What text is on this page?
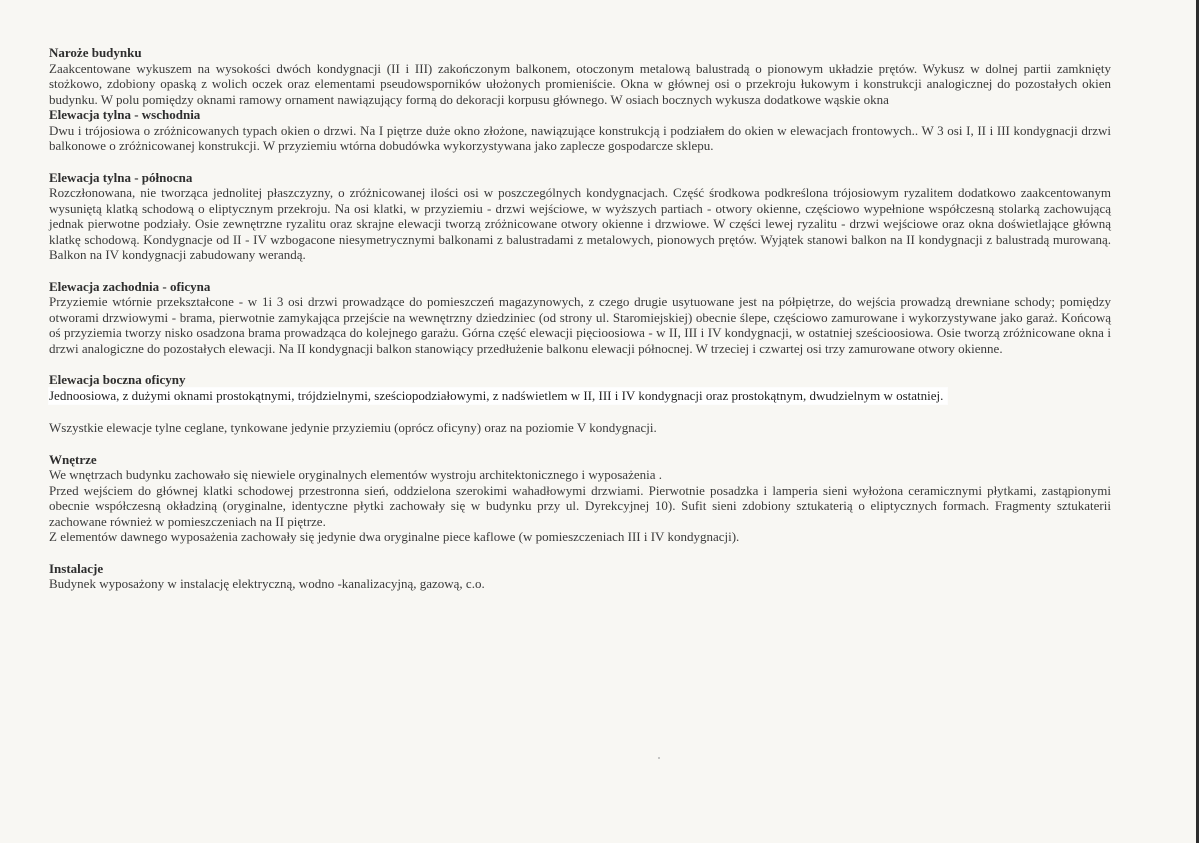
Naroże budynku

Zaakcentowane wykuszem na wysokości dwóch kondygnacji (II i III) zakończonym balkonem, otoczonym metalową balustradą o pionowym układzie prętów. Wykusz w dolnej partii zamknięty stożkowo, zdobiony opaską z wolich oczek oraz elementami pseudowsporników ułożonych promieniście. Okna w głównej osi o przekroju łukowym i konstrukcji analogicznej do pozostałych okien budynku. W polu pomiędzy oknami ramowy ornament nawiązujący formą do dekoracji korpusu głównego. W osiach bocznych wykusza dodatkowe wąskie okna

Elewacja tylna - wschodnia

Dwu i trójosiowa o zróżnicowanych typach okien o drzwi. Na I piętrze duże okno złożone, nawiązujące konstrukcją i podziałem do okien w elewacjach frontowych.. W 3 osi I, II i III kondygnacji drzwi balkonowe o zróżnicowanej konstrukcji. W przyziemiu wtórna dobudówka wykorzystywana jako zaplecze gospodarcze sklepu.

Elewacja tylna - północna

Rozczłonowana, nie tworząca jednolitej płaszczyzny, o zróżnicowanej ilości osi w poszczególnych kondygnacjach. Część środkowa podkreślona trójosiowym ryzalitem dodatkowo zaakcentowanym wysuniętą klatką schodową o eliptycznym przekroju. Na osi klatki, w przyziemiu - drzwi wejściowe, w wyższych partiach - otwory okienne, częściowo wypełnione współczesną stolarką zachowującą jednak pierwotne podziały. Osie zewnętrzne ryzalitu oraz skrajne elewacji tworzą zróżnicowane otwory okienne i drzwiowe. W części lewej ryzalitu - drzwi wejściowe oraz okna doświetlające główną klatkę schodową. Kondygnacje od II - IV wzbogacone niesymetrycznymi balkonami z balustradami z metalowych, pionowych prętów. Wyjątek stanowi balkon na II kondygnacji z balustradą murowaną. Balkon na IV kondygnacji zabudowany werandą.

Elewacja zachodnia - oficyna

Przyziemie wtórnie przekształcone - w 1i 3 osi drzwi prowadzące do pomieszczeń magazynowych, z czego drugie usytuowane jest na półpiętrze, do wejścia prowadzą drewniane schody; pomiędzy otworami drzwiowymi - brama, pierwotnie zamykająca przejście na wewnętrzny dziedziniec (od strony ul. Staromiejskiej) obecnie ślepe, częściowo zamurowane i wykorzystywane jako garaż. Końcową oś przyziemia tworzy nisko osadzona brama prowadząca do kolejnego garażu. Górna część elewacji pięcioosiowa - w II, III i IV kondygnacji, w ostatniej sześcioosiowa. Osie tworzą zróżnicowane okna i drzwi analogiczne do pozostałych elewacji. Na II kondygnacji balkon stanowiący przedłużenie balkonu elewacji północnej. W trzeciej i czwartej osi trzy zamurowane otwory okienne.

Elewacja boczna oficyny

Jednoosiowa, z dużymi oknami prostokątnymi, trójdzielnymi, sześciopodziałowymi, z nadświetlem w II, III i IV kondygnacji oraz prostokątnym, dwudzielnym w ostatniej.

Wszystkie elewacje tylne ceglane, tynkowane jedynie przyziemiu (oprócz oficyny) oraz na poziomie V kondygnacji.

Wnętrze

We wnętrzach budynku zachowało się niewiele oryginalnych elementów wystroju architektonicznego i wyposażenia .

Przed wejściem do głównej klatki schodowej przestronna sień, oddzielona szerokimi wahadłowymi drzwiami. Pierwotnie posadzka i lamperia sieni wyłożona ceramicznymi płytkami, zastąpionymi obecnie współczesną okładziną (oryginalne, identyczne płytki zachowały się w budynku przy ul. Dyrekcyjnej 10). Sufit sieni zdobiony sztukaterią o eliptycznych formach. Fragmenty sztukaterii zachowane również w pomieszczeniach na II piętrze.

Z elementów dawnego wyposażenia zachowały się jedynie dwa oryginalne piece kaflowe (w pomieszczeniach III i IV kondygnacji).

Instalacje

Budynek wyposażony w instalację elektryczną, wodno -kanalizacyjną, gazową, c.o.
